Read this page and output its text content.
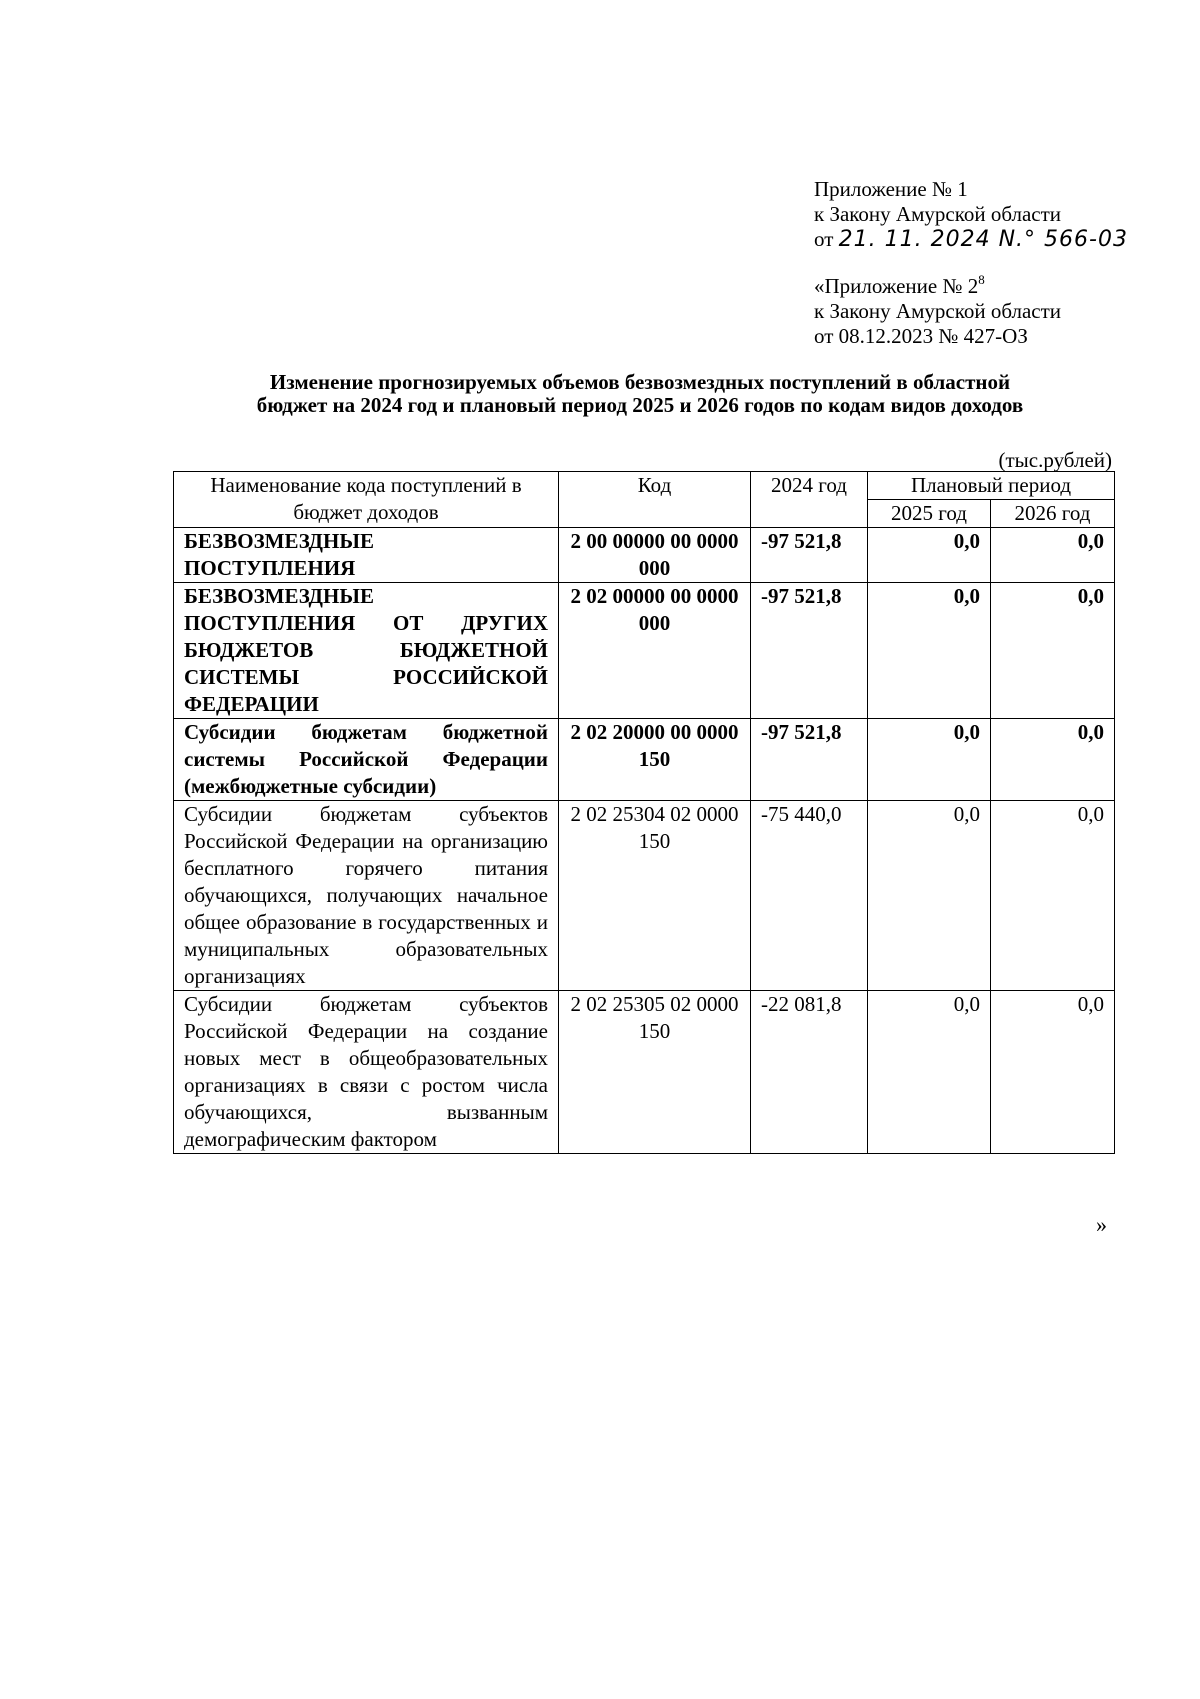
Приложение № 1
к Закону Амурской области
от 21. 11. 2024 N.° 566-03
«Приложение № $2^8$
к Закону Амурской области
от 08.12.2023 № 427-ОЗ
Изменение прогнозируемых объемов безвозмездных поступлений в областной
бюджет на 2024 год и плановый период 2025 и 2026 годов по кодам видов доходов
(тыс.рублей)
Наименование кода поступлений в бюджет доходов	Код	2024 год	Плановый период	
			2025 год	2026 год
БЕЗВОЗМЕЗДНЫЕ ПОСТУПЛЕНИЯ	2 00 00000 00 0000 000	-97 521,8	0,0	0,0
БЕЗВОЗМЕЗДНЫЕ ПОСТУПЛЕНИЯ ОТ ДРУГИХ БЮДЖЕТОВ БЮДЖЕТНОЙ СИСТЕМЫ РОССИЙСКОЙ ФЕДЕРАЦИИ	2 02 00000 00 0000 000	-97 521,8	0,0	0,0
Субсидии бюджетам бюджетной системы Российской Федерации (межбюджетные субсидии)	2 02 20000 00 0000 150	-97 521,8	0,0	0,0
Субсидии бюджетам субъектов Российской Федерации на организацию бесплатного горячего питания обучающихся, получающих начальное общее образование в государственных и муниципальных образовательных организациях	2 02 25304 02 0000 150	-75 440,0	0,0	0,0
Субсидии бюджетам субъектов Российской Федерации на создание новых мест в общеобразовательных организациях в связи с ростом числа обучающихся, вызванным демографическим фактором	2 02 25305 02 0000 150	-22 081,8	0,0	0,0
»
